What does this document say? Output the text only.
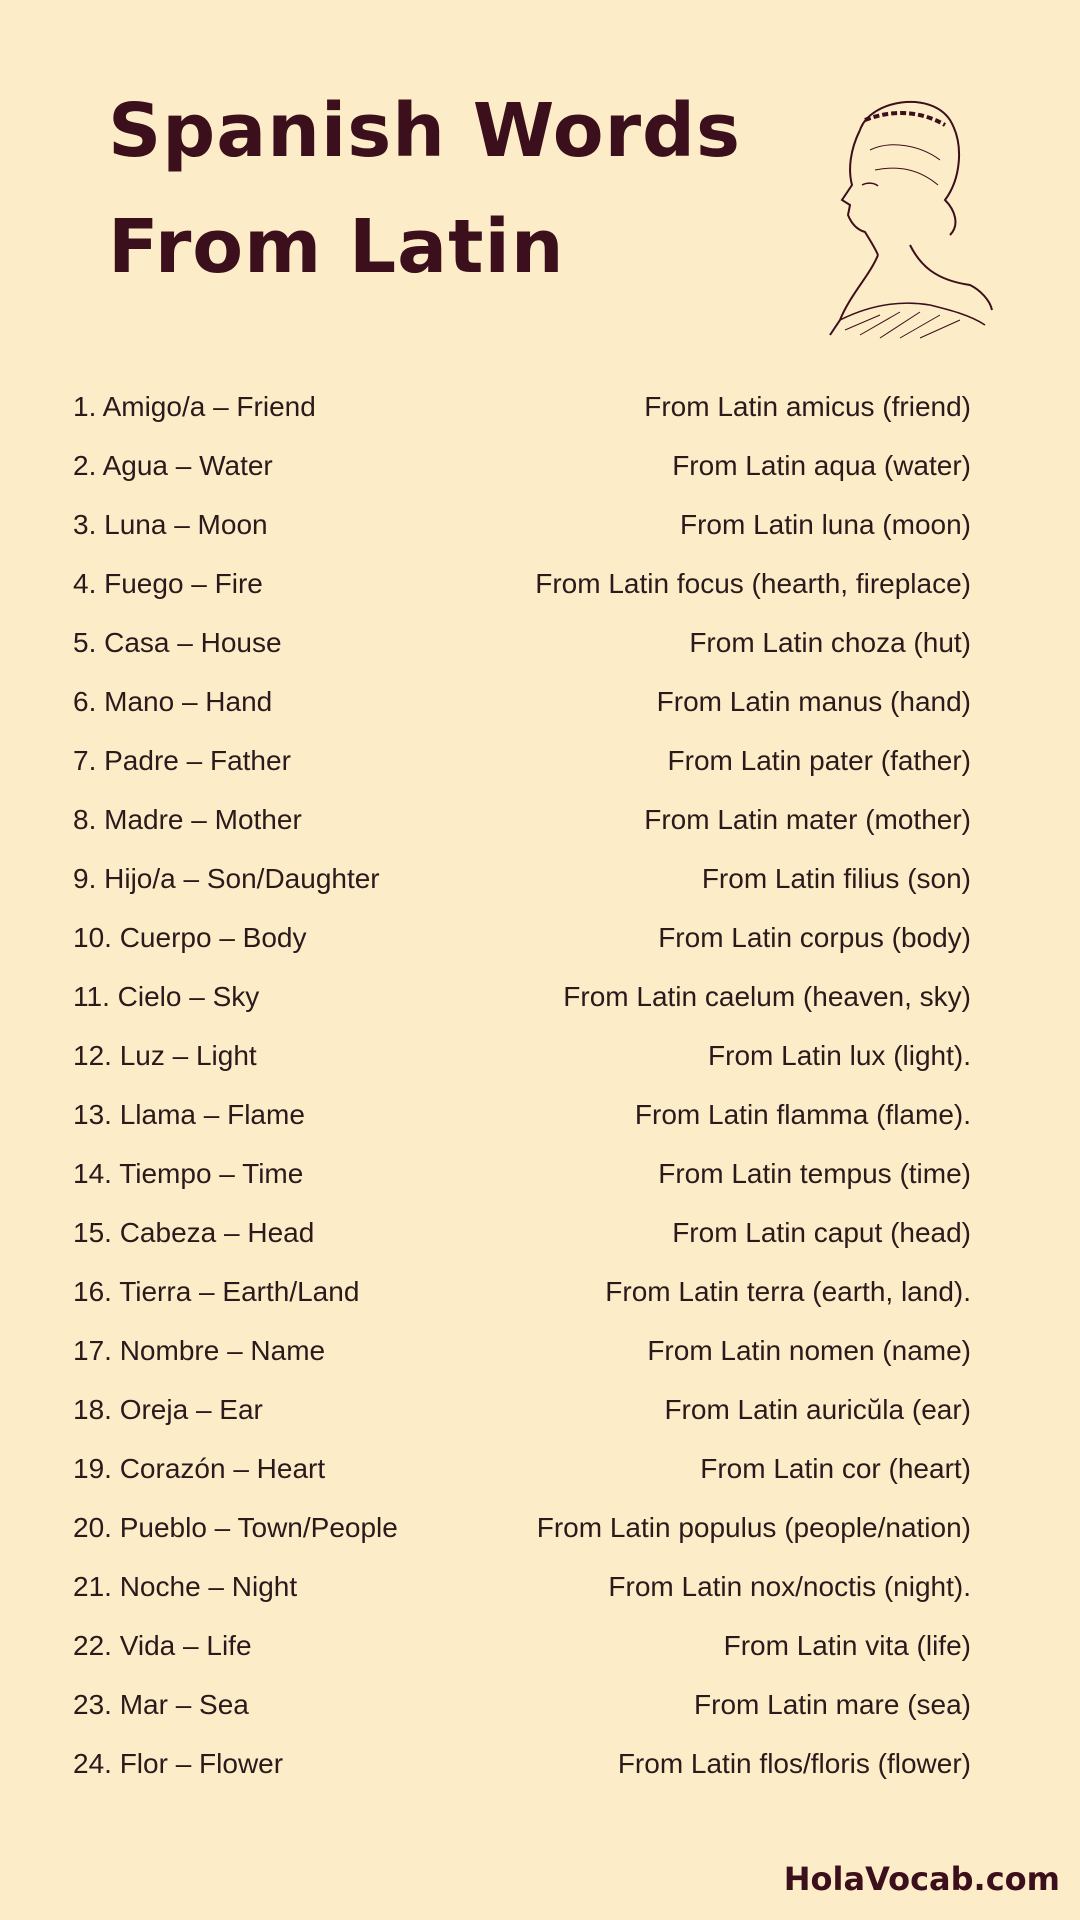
Spanish Words
From Latin
1. Amigo/a – Friend	From Latin amicus (friend)
2. Agua – Water	From Latin aqua (water)
3. Luna – Moon	From Latin luna (moon)
4. Fuego – Fire	From Latin focus (hearth, fireplace)
5. Casa – House	From Latin choza (hut)
6. Mano – Hand	From Latin manus (hand)
7. Padre – Father	From Latin pater (father)
8. Madre – Mother	From Latin mater (mother)
9. Hijo/a – Son/Daughter	From Latin filius (son)
10. Cuerpo – Body	From Latin corpus (body)
11. Cielo – Sky	From Latin caelum (heaven, sky)
12. Luz – Light	From Latin lux (light).
13. Llama – Flame	From Latin flamma (flame).
14. Tiempo – Time	From Latin tempus (time)
15. Cabeza – Head	From Latin caput (head)
16. Tierra – Earth/Land	From Latin terra (earth, land).
17. Nombre – Name	From Latin nomen (name)
18. Oreja – Ear	From Latin auricŭla (ear)
19. Corazón – Heart	From Latin cor (heart)
20. Pueblo – Town/People	From Latin populus (people/nation)
21. Noche – Night	From Latin nox/noctis (night).
22. Vida – Life	From Latin vita (life)
23. Mar – Sea	From Latin mare (sea)
24. Flor – Flower	From Latin flos/floris (flower)
HolaVocab.com
